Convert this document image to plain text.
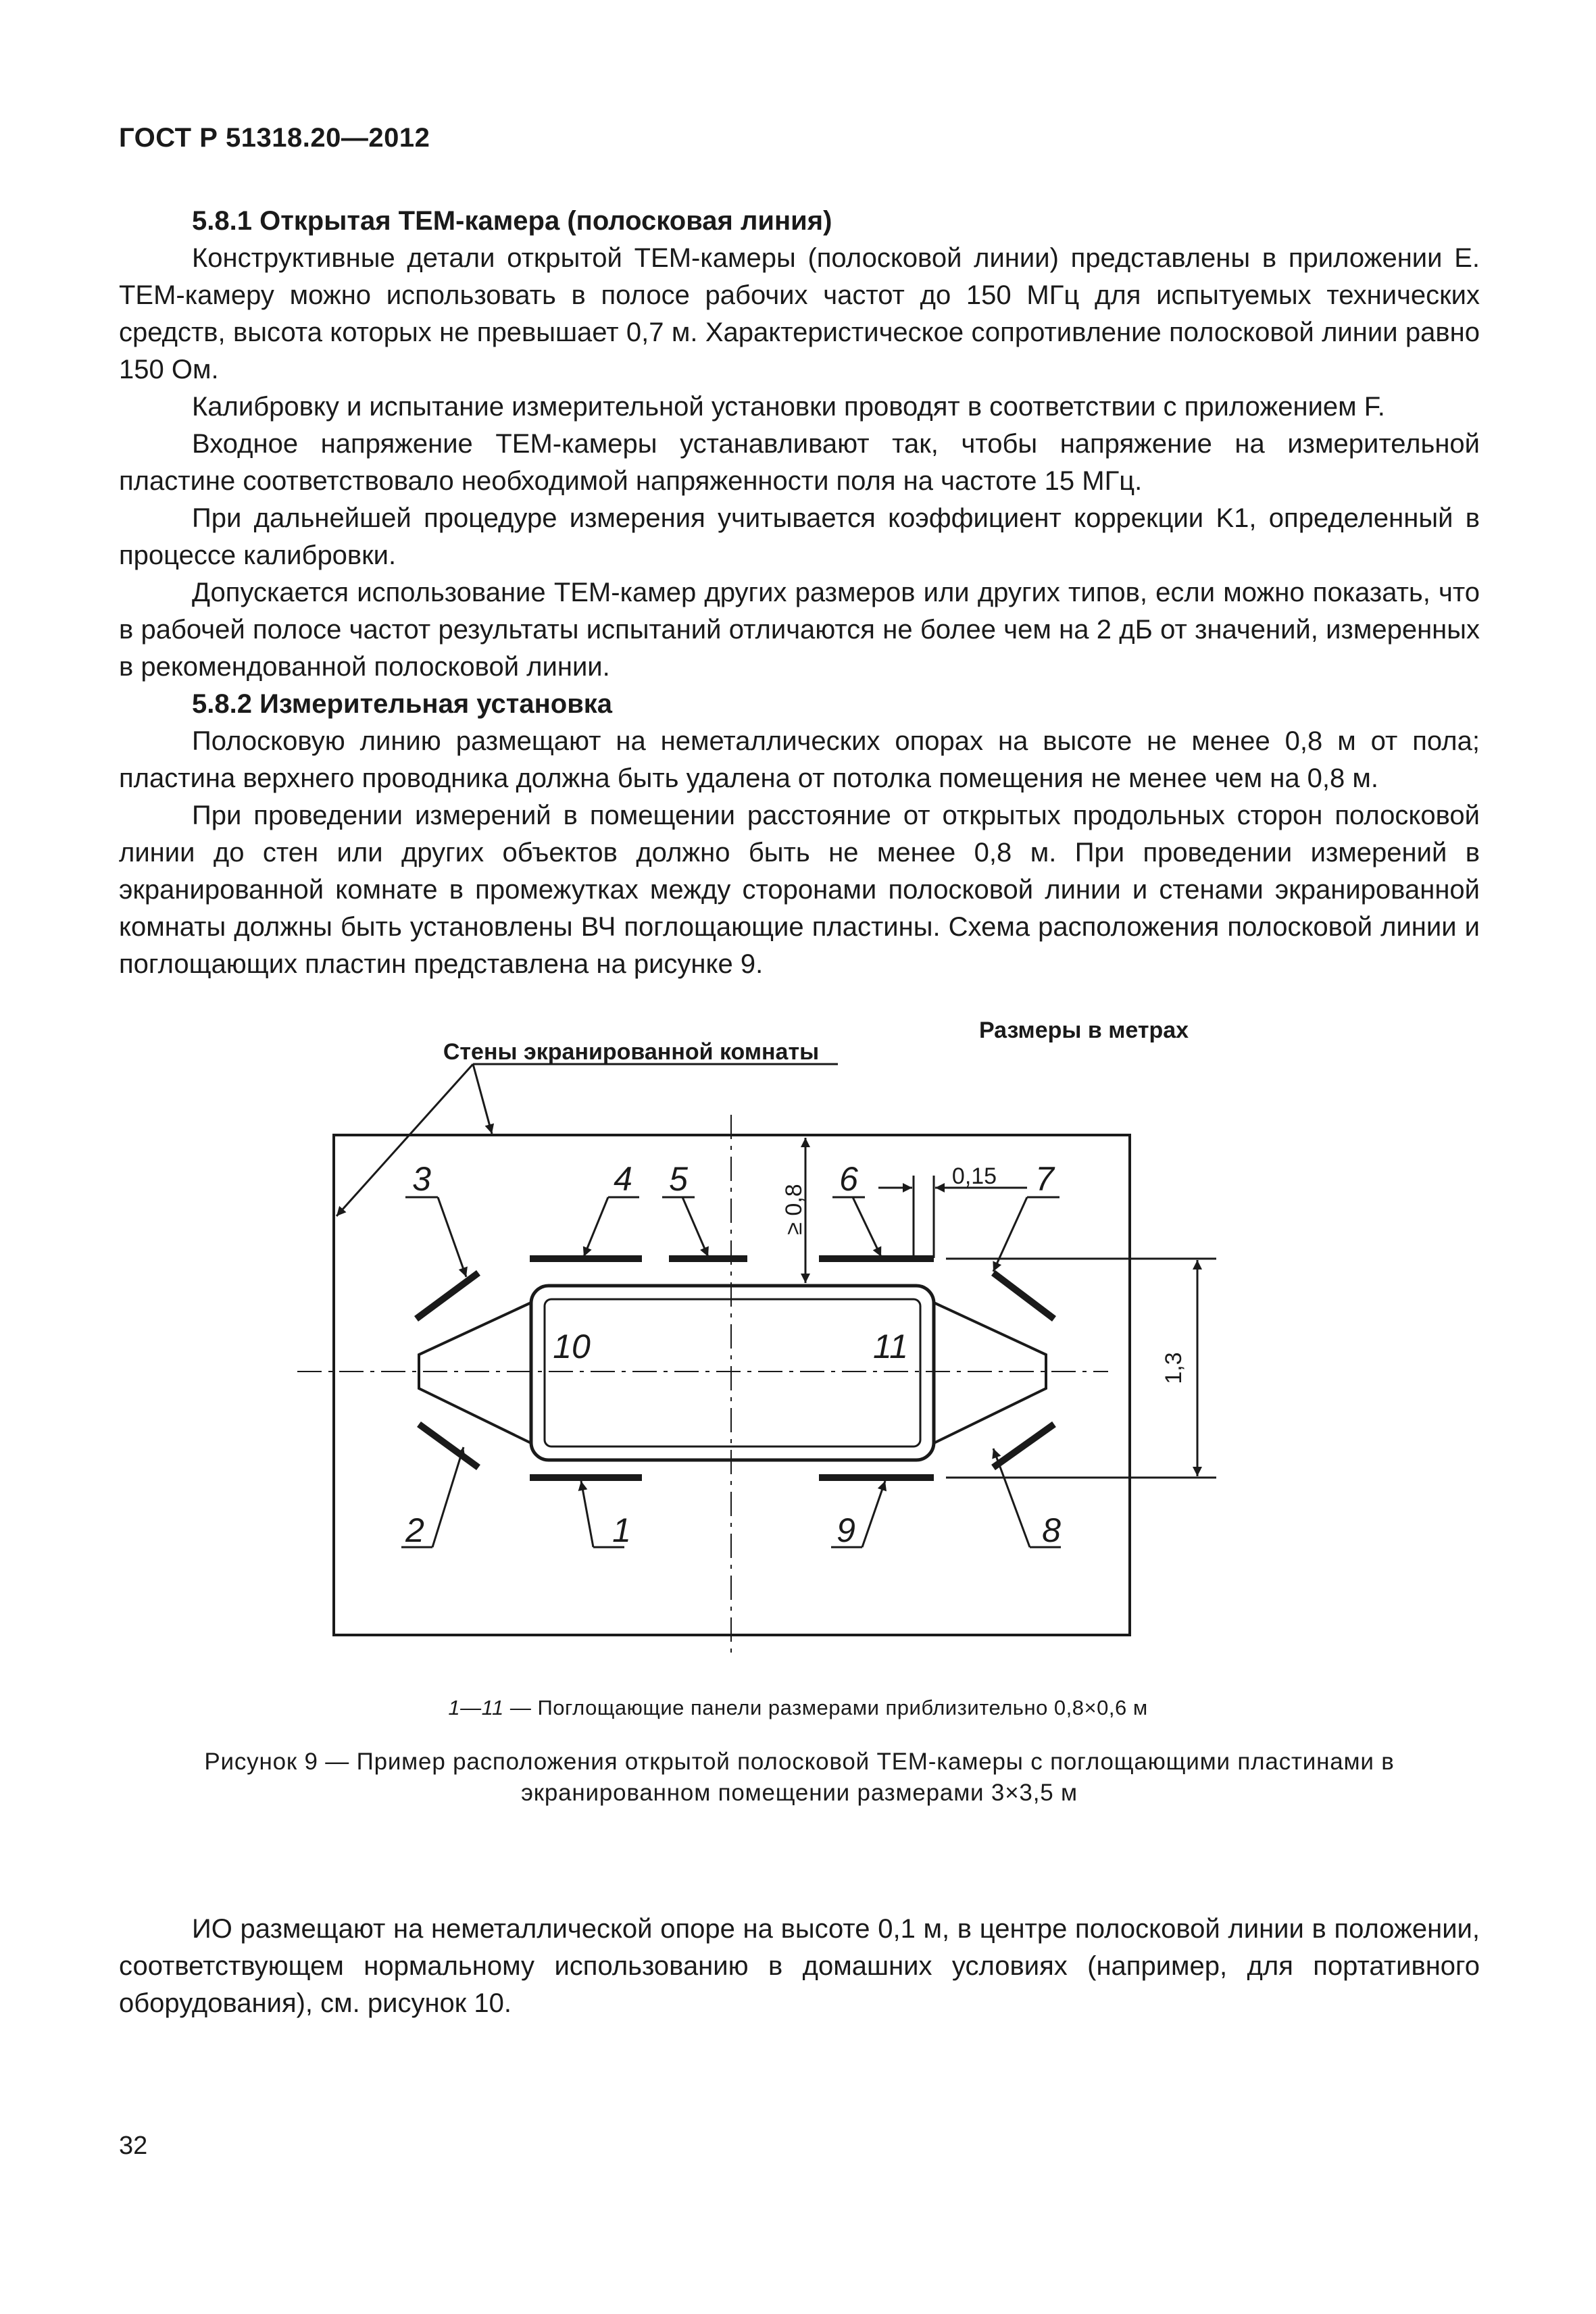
ГОСТ Р 51318.20—2012
5.8.1 Открытая ТЕМ-камера (полосковая линия)

Конструктивные детали открытой ТЕМ-камеры (полосковой линии) представлены в приложении E. ТЕМ-камеру можно использовать в полосе рабочих частот до 150 МГц для испытуемых технических средств, высота которых не превышает 0,7 м. Характеристическое сопротивление полосковой линии равно 150 Ом.

Калибровку и испытание измерительной установки проводят в соответствии с приложением F.

Входное напряжение ТЕМ-камеры устанавливают так, чтобы напряжение на измерительной пластине соответствовало необходимой напряженности поля на частоте 15 МГц.

При дальнейшей процедуре измерения учитывается коэффициент коррекции K1, определенный в процессе калибровки.

Допускается использование ТЕМ-камер других размеров или других типов, если можно показать, что в рабочей полосе частот результаты испытаний отличаются не более чем на 2 дБ от значений, измеренных в рекомендованной полосковой линии.

5.8.2 Измерительная установка

Полосковую линию размещают на неметаллических опорах на высоте не менее 0,8 м от пола; пластина верхнего проводника должна быть удалена от потолка помещения не менее чем на 0,8 м.

При проведении измерений в помещении расстояние от открытых продольных сторон полосковой линии до стен или других объектов должно быть не менее 0,8 м. При проведении измерений в экранированной комнате в промежутках между сторонами полосковой линии и стенами экранированной комнаты должны быть установлены ВЧ поглощающие пластины. Схема расположения полосковой линии и поглощающих пластин представлена на рисунке 9.

Стены экранированной комнаты
Размеры в метрах
0,15
≥ 0,8
1,3
3	4 5	6	7
10	11
2	1	9	8
1—11 — Поглощающие панели размерами приблизительно 0,8×0,6 м
Рисунок 9 — Пример расположения открытой полосковой ТЕМ-камеры с поглощающими пластинами в экранированном помещении размерами 3×3,5 м

ИО размещают на неметаллической опоре на высоте 0,1 м, в центре полосковой линии в положении, соответствующем нормальному использованию в домашних условиях (например, для портативного оборудования), см. рисунок 10.

32
